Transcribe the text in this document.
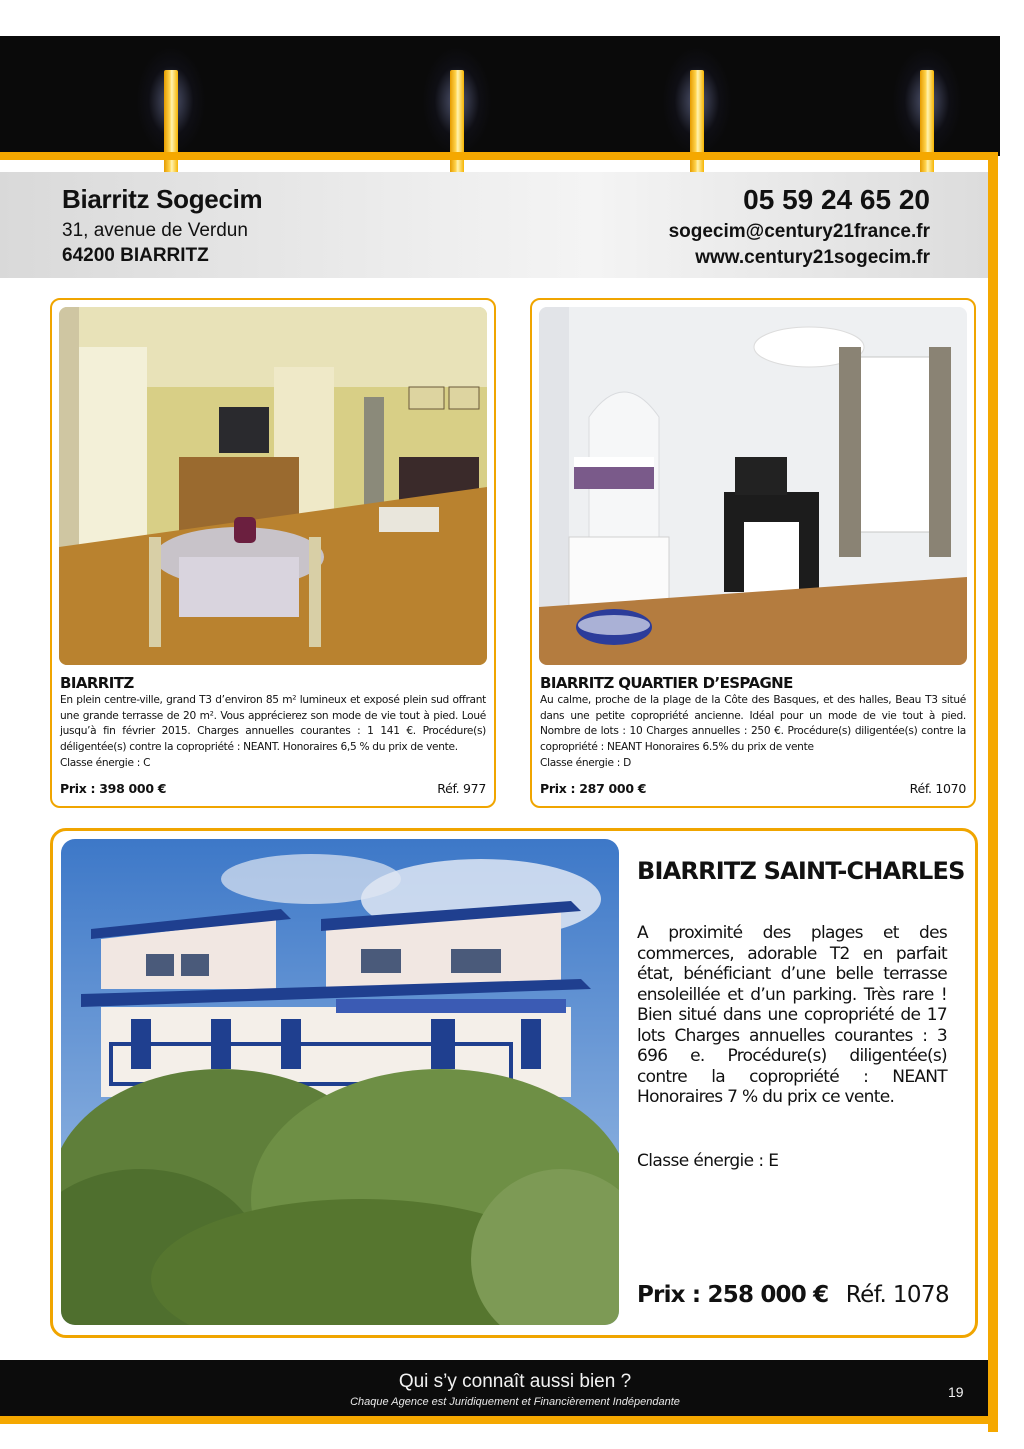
Biarritz Sogecim
31, avenue de Verdun
64200 BIARRITZ
05 59 24 65 20
sogecim@century21france.fr
www.century21sogecim.fr
BIARRITZ
En plein centre-ville, grand T3 d’environ 85 m² lumineux et exposé plein sud offrant une grande terrasse de 20 m². Vous apprécierez son mode de vie tout à pied. Loué jusqu’à fin février 2015. Charges annuelles courantes : 1 141 €. Procédure(s) déligentée(s) contre la copropriété : NEANT. Honoraires 6,5 % du prix de vente.
Classe énergie : C
Prix : 398 000 €	Réf. 977
BIARRITZ QUARTIER D’ESPAGNE
Au calme, proche de la plage de la Côte des Basques, et des halles, Beau T3 situé dans une petite copropriété ancienne. Idéal pour un mode de vie tout à pied. Nombre de lots : 10 Charges annuelles : 250 €. Procédure(s) diligentée(s) contre la copropriété : NEANT Honoraires 6.5% du prix de vente
Classe énergie : D
Prix : 287 000 €	Réf. 1070
BIARRITZ SAINT-CHARLES
A proximité des plages et des commerces, adorable T2 en parfait état, bénéficiant d’une belle terrasse ensoleillée et d’un parking. Très rare ! Bien situé dans une copropriété de 17 lots Charges annuelles courantes : 3 696 e. Procédure(s) diligentée(s) contre la copropriété : NEANT Honoraires 7 % du prix ce vente.
Classe énergie : E
Prix : 258 000 € Réf. 1078
Qui s’y connaît aussi bien ?
Chaque Agence est Juridiquement et Financièrement Indépendante
19
